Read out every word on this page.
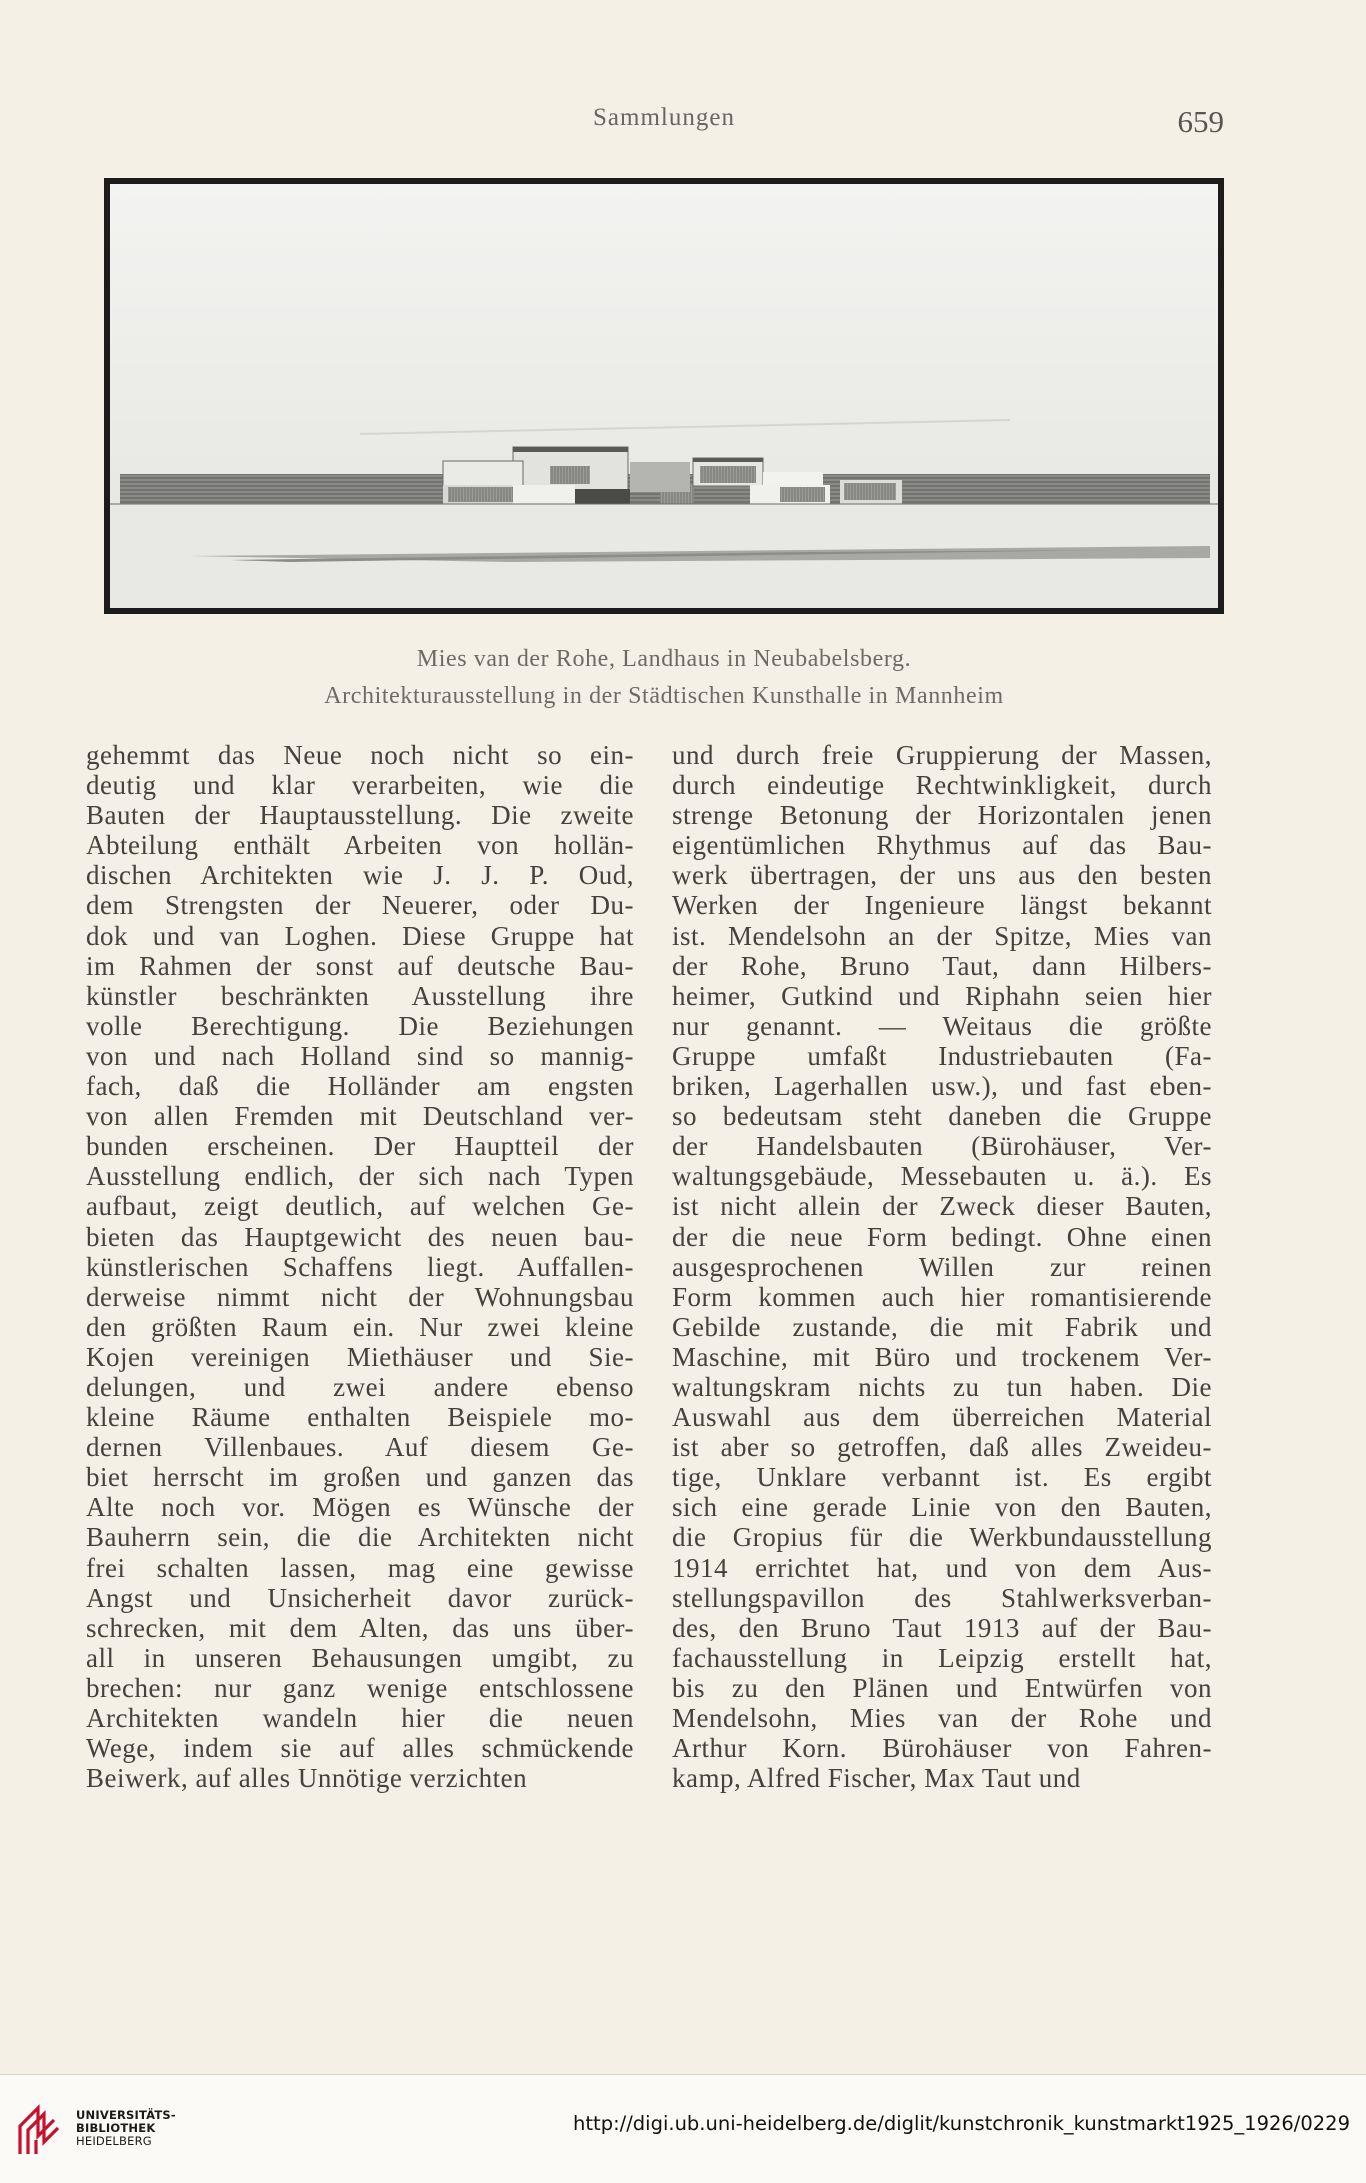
Sammlungen	659
Mies van der Rohe, Landhaus in Neubabelsberg.
Architekturausstellung in der Städtischen Kunsthalle in Mannheim
gehemmt das Neue noch nicht so ein-
deutig und klar verarbeiten, wie die
Bauten der Hauptausstellung. Die zweite
Abteilung enthält Arbeiten von hollän-
dischen Architekten wie J. J. P. Oud,
dem Strengsten der Neuerer, oder Du-
dok und van Loghen. Diese Gruppe hat
im Rahmen der sonst auf deutsche Bau-
künstler beschränkten Ausstellung ihre
volle Berechtigung. Die Beziehungen
von und nach Holland sind so mannig-
fach, daß die Holländer am engsten
von allen Fremden mit Deutschland ver-
bunden erscheinen. Der Hauptteil der
Ausstellung endlich, der sich nach Typen
aufbaut, zeigt deutlich, auf welchen Ge-
bieten das Hauptgewicht des neuen bau-
künstlerischen Schaffens liegt. Auffallen-
derweise nimmt nicht der Wohnungsbau
den größten Raum ein. Nur zwei kleine
Kojen vereinigen Miethäuser und Sie-
delungen, und zwei andere ebenso
kleine Räume enthalten Beispiele mo-
dernen Villenbaues. Auf diesem Ge-
biet herrscht im großen und ganzen das
Alte noch vor. Mögen es Wünsche der
Bauherrn sein, die die Architekten nicht
frei schalten lassen, mag eine gewisse
Angst und Unsicherheit davor zurück-
schrecken, mit dem Alten, das uns über-
all in unseren Behausungen umgibt, zu
brechen: nur ganz wenige entschlossene
Architekten wandeln hier die neuen
Wege, indem sie auf alles schmückende
Beiwerk, auf alles Unnötige verzichten
und durch freie Gruppierung der Massen,
durch eindeutige Rechtwinkligkeit, durch
strenge Betonung der Horizontalen jenen
eigentümlichen Rhythmus auf das Bau-
werk übertragen, der uns aus den besten
Werken der Ingenieure längst bekannt
ist. Mendelsohn an der Spitze, Mies van
der Rohe, Bruno Taut, dann Hilbers-
heimer, Gutkind und Riphahn seien hier
nur genannt. — Weitaus die größte
Gruppe umfaßt Industriebauten (Fa-
briken, Lagerhallen usw.), und fast eben-
so bedeutsam steht daneben die Gruppe
der Handelsbauten (Bürohäuser, Ver-
waltungsgebäude, Messebauten u. ä.). Es
ist nicht allein der Zweck dieser Bauten,
der die neue Form bedingt. Ohne einen
ausgesprochenen Willen zur reinen
Form kommen auch hier romantisierende
Gebilde zustande, die mit Fabrik und
Maschine, mit Büro und trockenem Ver-
waltungskram nichts zu tun haben. Die
Auswahl aus dem überreichen Material
ist aber so getroffen, daß alles Zweideu-
tige, Unklare verbannt ist. Es ergibt
sich eine gerade Linie von den Bauten,
die Gropius für die Werkbundausstellung
1914 errichtet hat, und von dem Aus-
stellungspavillon des Stahlwerksverban-
des, den Bruno Taut 1913 auf der Bau-
fachausstellung in Leipzig erstellt hat,
bis zu den Plänen und Entwürfen von
Mendelsohn, Mies van der Rohe und
Arthur Korn. Bürohäuser von Fahren-
kamp, Alfred Fischer, Max Taut und
UNIVERSITÄTS-
BIBLIOTHEK
HEIDELBERG
http://digi.ub.uni-heidelberg.de/diglit/kunstchronik_kunstmarkt1925_1926/0229
